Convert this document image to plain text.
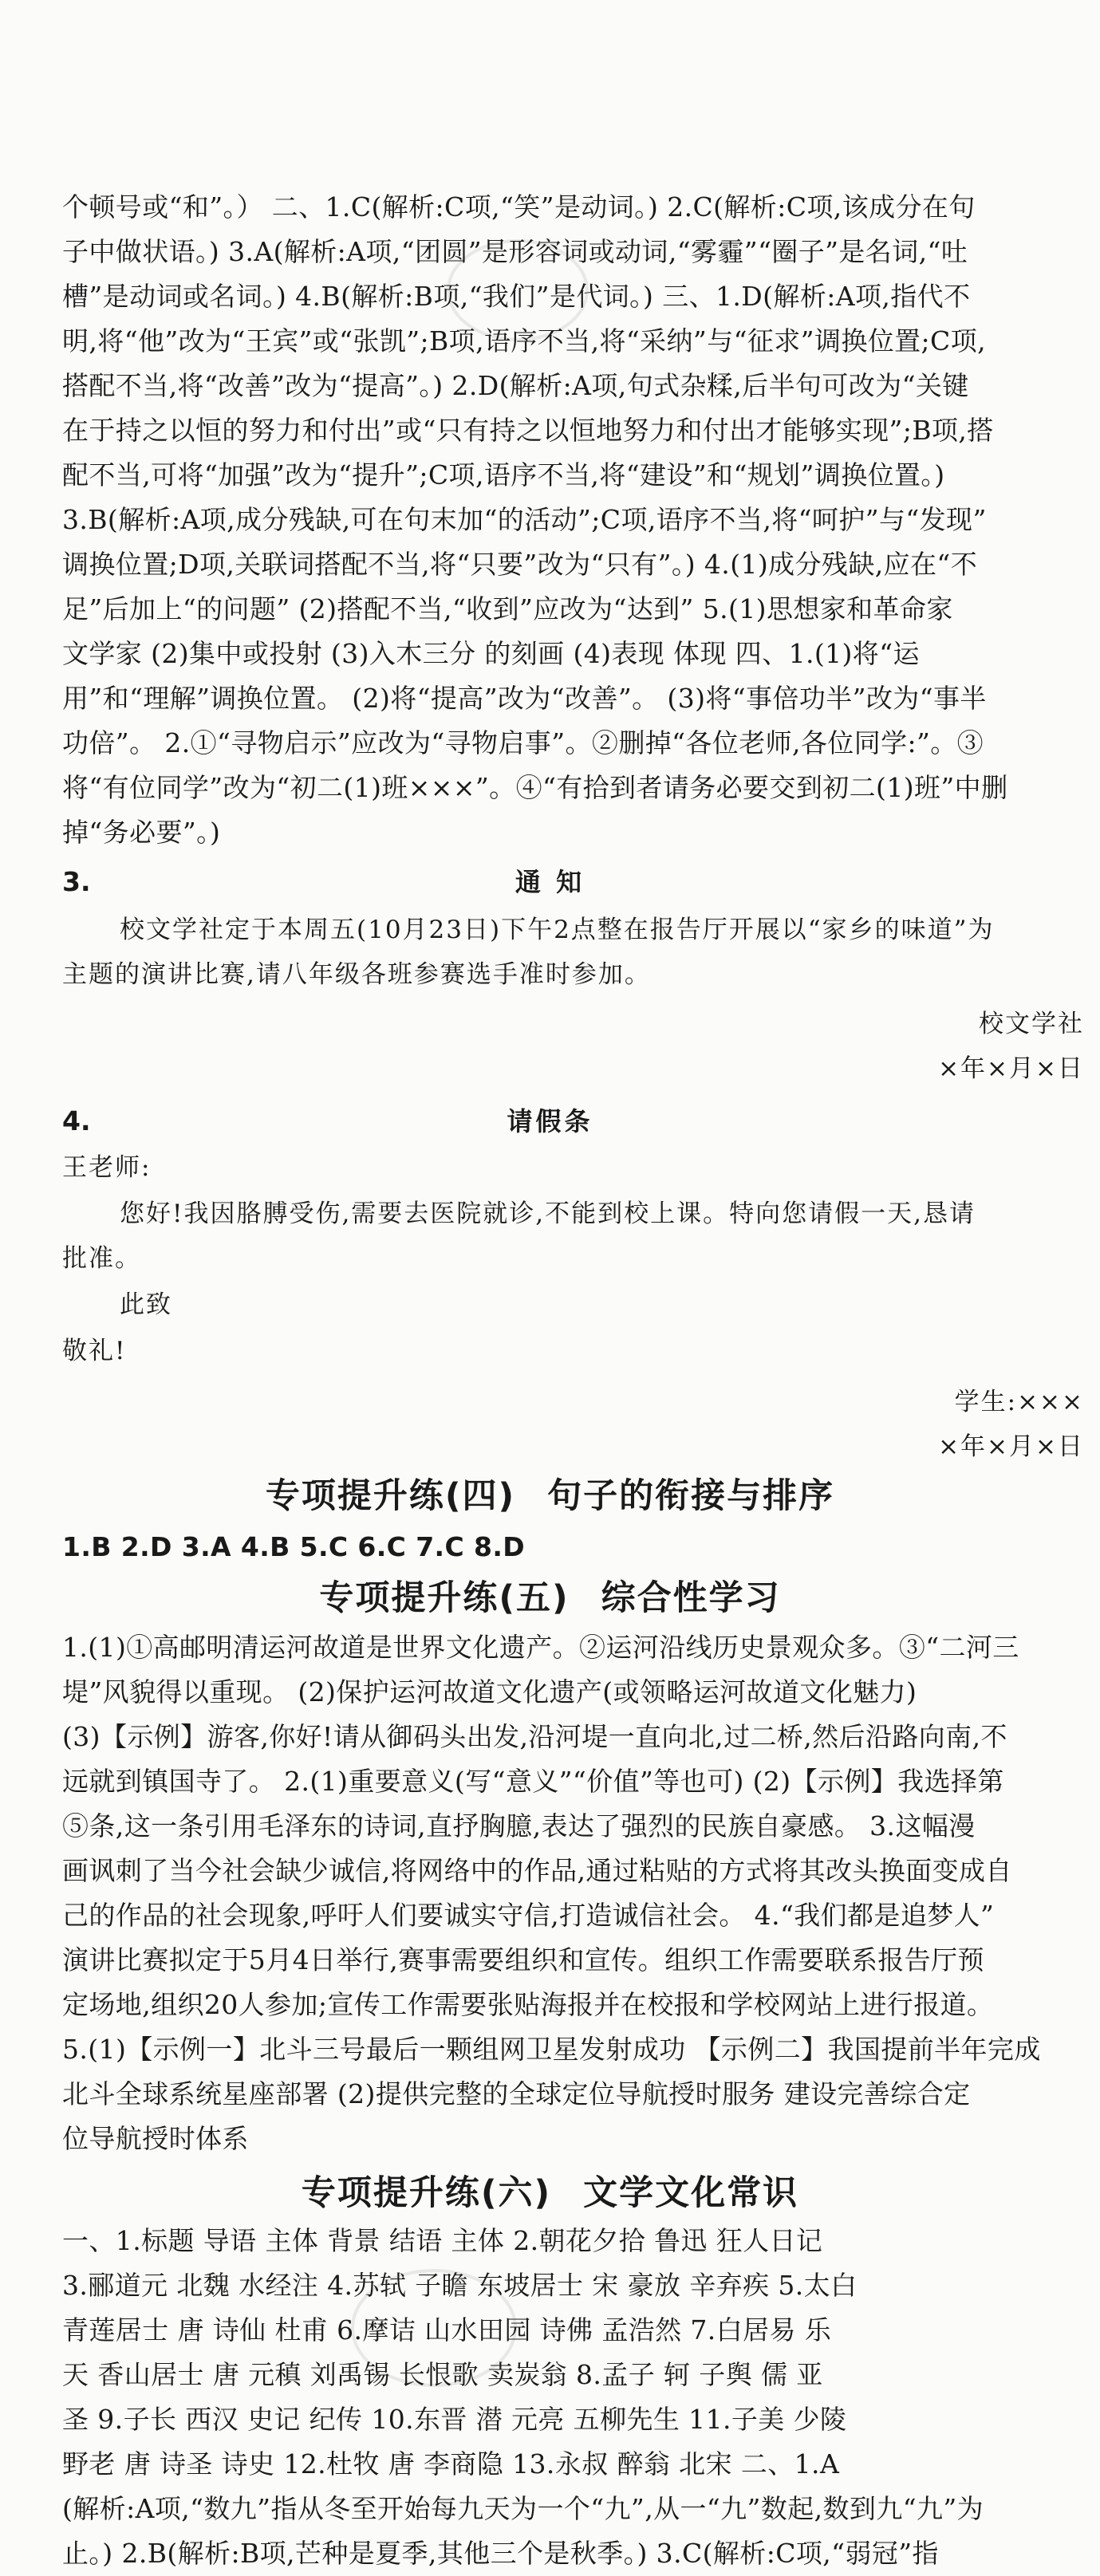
个顿号或“和”。） 二、1.C(解析:C项,“笑”是动词。) 2.C(解析:C项,该成分在句
子中做状语。) 3.A(解析:A项,“团圆”是形容词或动词,“雾霾”“圈子”是名词,“吐
槽”是动词或名词。) 4.B(解析:B项,“我们”是代词。) 三、1.D(解析:A项,指代不
明,将“他”改为“王宾”或“张凯”;B项,语序不当,将“采纳”与“征求”调换位置;C项,
搭配不当,将“改善”改为“提高”。) 2.D(解析:A项,句式杂糅,后半句可改为“关键
在于持之以恒的努力和付出”或“只有持之以恒地努力和付出才能够实现”;B项,搭
配不当,可将“加强”改为“提升”;C项,语序不当,将“建设”和“规划”调换位置。)
3.B(解析:A项,成分残缺,可在句末加“的活动”;C项,语序不当,将“呵护”与“发现”
调换位置;D项,关联词搭配不当,将“只要”改为“只有”。) 4.(1)成分残缺,应在“不
足”后加上“的问题” (2)搭配不当,“收到”应改为“达到” 5.(1)思想家和革命家
文学家 (2)集中或投射 (3)入木三分 的刻画 (4)表现 体现 四、1.(1)将“运
用”和“理解”调换位置。 (2)将“提高”改为“改善”。 (3)将“事倍功半”改为“事半
功倍”。 2.①“寻物启示”应改为“寻物启事”。②删掉“各位老师,各位同学:”。③
将“有位同学”改为“初二(1)班×××”。④“有拾到者请务必要交到初二(1)班”中删
掉“务必要”。)
3.	通 知
校文学社定于本周五(10月23日)下午2点整在报告厅开展以“家乡的味道”为
主题的演讲比赛,请八年级各班参赛选手准时参加。
校文学社
×年×月×日
4.	请假条
王老师:
您好!我因胳膊受伤,需要去医院就诊,不能到校上课。特向您请假一天,恳请
批准。
此致
敬礼!
学生:×××
×年×月×日
专项提升练(四) 句子的衔接与排序
1.B 2.D 3.A 4.B 5.C 6.C 7.C 8.D
专项提升练(五) 综合性学习
1.(1)①高邮明清运河故道是世界文化遗产。②运河沿线历史景观众多。③“二河三
堤”风貌得以重现。 (2)保护运河故道文化遗产(或领略运河故道文化魅力)
(3)【示例】游客,你好!请从御码头出发,沿河堤一直向北,过二桥,然后沿路向南,不
远就到镇国寺了。 2.(1)重要意义(写“意义”“价值”等也可) (2)【示例】我选择第
⑤条,这一条引用毛泽东的诗词,直抒胸臆,表达了强烈的民族自豪感。 3.这幅漫
画讽刺了当今社会缺少诚信,将网络中的作品,通过粘贴的方式将其改头换面变成自
己的作品的社会现象,呼吁人们要诚实守信,打造诚信社会。 4.“我们都是追梦人”
演讲比赛拟定于5月4日举行,赛事需要组织和宣传。组织工作需要联系报告厅预
定场地,组织20人参加;宣传工作需要张贴海报并在校报和学校网站上进行报道。
5.(1)【示例一】北斗三号最后一颗组网卫星发射成功 【示例二】我国提前半年完成
北斗全球系统星座部署 (2)提供完整的全球定位导航授时服务 建设完善综合定
位导航授时体系
专项提升练(六) 文学文化常识
一、1.标题 导语 主体 背景 结语 主体 2.朝花夕拾 鲁迅 狂人日记
3.郦道元 北魏 水经注 4.苏轼 子瞻 东坡居士 宋 豪放 辛弃疾 5.太白
青莲居士 唐 诗仙 杜甫 6.摩诘 山水田园 诗佛 孟浩然 7.白居易 乐
天 香山居士 唐 元稹 刘禹锡 长恨歌 卖炭翁 8.孟子 轲 子舆 儒 亚
圣 9.子长 西汉 史记 纪传 10.东晋 潜 元亮 五柳先生 11.子美 少陵
野老 唐 诗圣 诗史 12.杜牧 唐 李商隐 13.永叔 醉翁 北宋 二、1.A
(解析:A项,“数九”指从冬至开始每九天为一个“九”,从一“九”数起,数到九“九”为
止。) 2.B(解析:B项,芒种是夏季,其他三个是秋季。) 3.C(解析:C项,“弱冠”指
